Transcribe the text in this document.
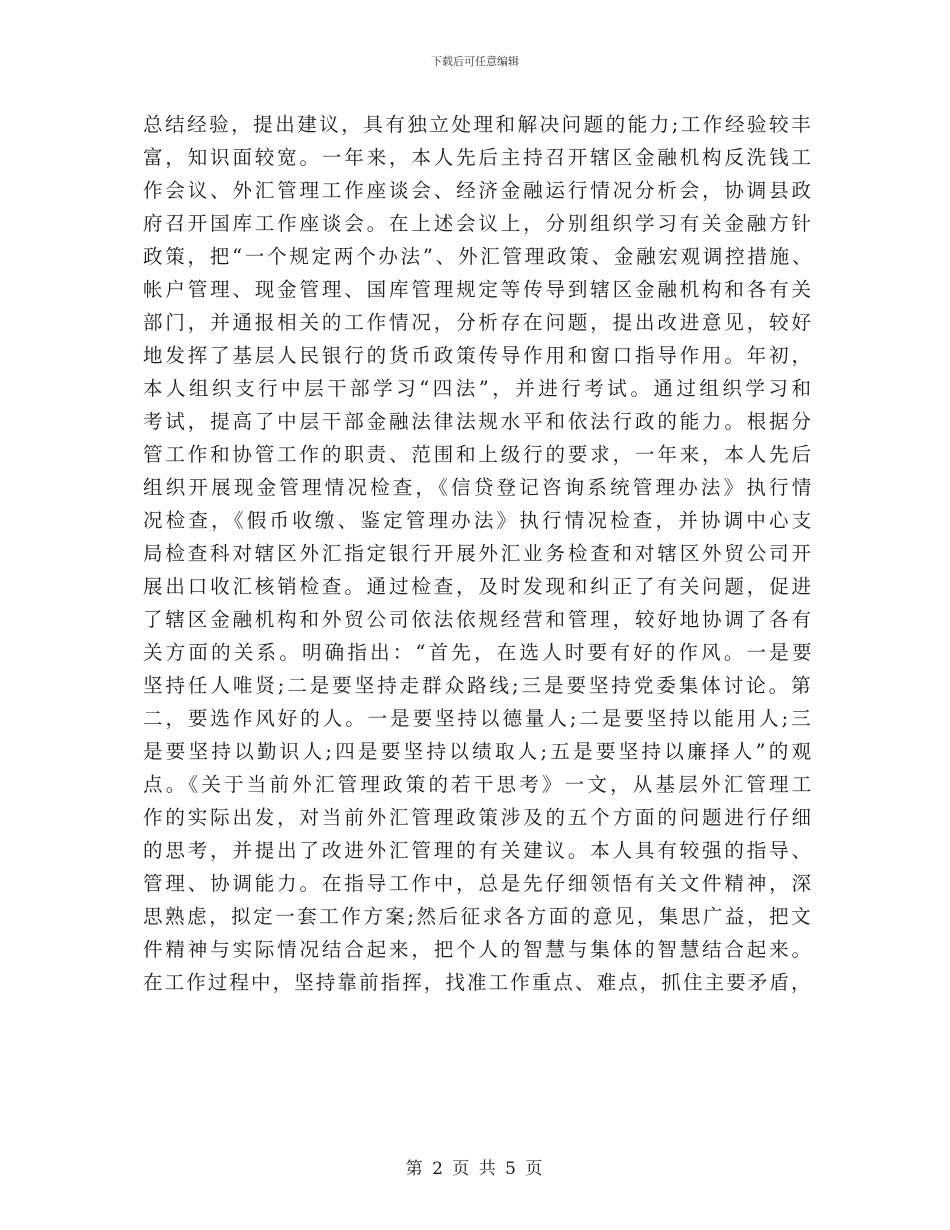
下载后可任意编辑
总结经验，提出建议，具有独立处理和解决问题的能力;工作经验较丰
富，知识面较宽。一年来，本人先后主持召开辖区金融机构反洗钱工
作会议、外汇管理工作座谈会、经济金融运行情况分析会，协调县政
府召开国库工作座谈会。在上述会议上，分别组织学习有关金融方针
政策，把“一个规定两个办法”、外汇管理政策、金融宏观调控措施、
帐户管理、现金管理、国库管理规定等传导到辖区金融机构和各有关
部门，并通报相关的工作情况，分析存在问题，提出改进意见，较好
地发挥了基层人民银行的货币政策传导作用和窗口指导作用。年初，
本人组织支行中层干部学习“四法”，并进行考试。通过组织学习和
考试，提高了中层干部金融法律法规水平和依法行政的能力。根据分
管工作和协管工作的职责、范围和上级行的要求，一年来，本人先后
组织开展现金管理情况检查，《信贷登记咨询系统管理办法》执行情
况检查，《假币收缴、鉴定管理办法》执行情况检查，并协调中心支
局检查科对辖区外汇指定银行开展外汇业务检查和对辖区外贸公司开
展出口收汇核销检查。通过检查，及时发现和纠正了有关问题，促进
了辖区金融机构和外贸公司依法依规经营和管理，较好地协调了各有
关方面的关系。明确指出：“首先，在选人时要有好的作风。一是要
坚持任人唯贤;二是要坚持走群众路线;三是要坚持党委集体讨论。第
二，要选作风好的人。一是要坚持以德量人;二是要坚持以能用人;三
是要坚持以勤识人;四是要坚持以绩取人;五是要坚持以廉择人”的观
点。《关于当前外汇管理政策的若干思考》一文，从基层外汇管理工
作的实际出发，对当前外汇管理政策涉及的五个方面的问题进行仔细
的思考，并提出了改进外汇管理的有关建议。本人具有较强的指导、
管理、协调能力。在指导工作中，总是先仔细领悟有关文件精神，深
思熟虑，拟定一套工作方案;然后征求各方面的意见，集思广益，把文
件精神与实际情况结合起来，把个人的智慧与集体的智慧结合起来。
在工作过程中，坚持靠前指挥，找准工作重点、难点，抓住主要矛盾，
第 2 页 共 5 页
